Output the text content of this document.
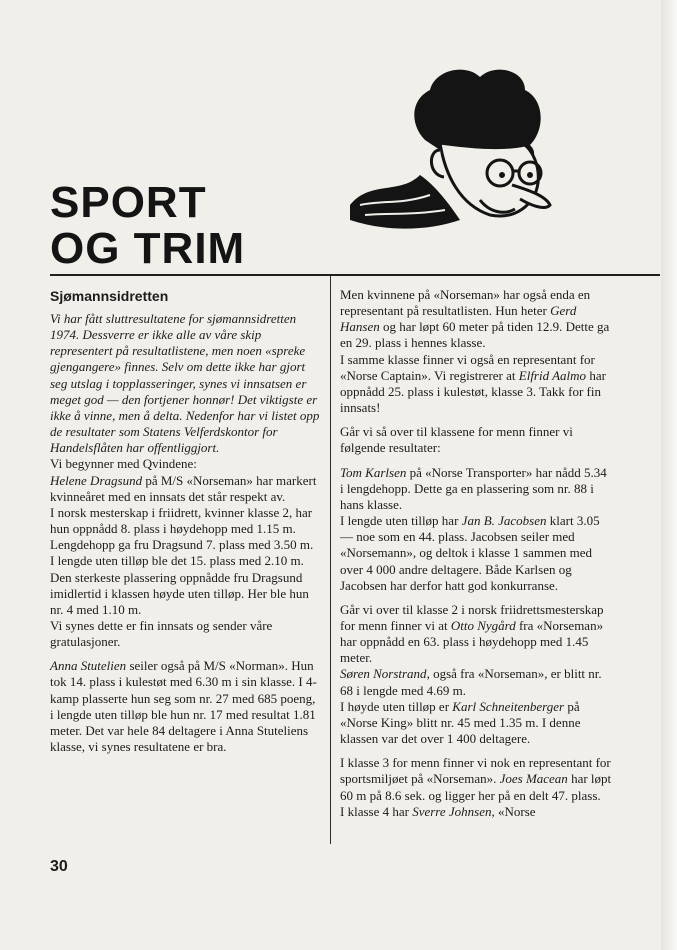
SPORT
OG TRIM

Sjømannsidretten

Vi har fått sluttresultatene for sjømannsidretten 1974. Dessverre er ikke alle av våre skip representert på resultatlistene, men noen «spreke gjengangere» finnes. Selv om dette ikke har gjort seg utslag i topplasseringer, synes vi innsatsen er meget god — den fortjener honnør! Det viktigste er ikke å vinne, men å delta. Nedenfor har vi listet opp de resultater som Statens Velferdskontor for Handelsflåten har offentliggjort.

Vi begynner med Qvindene:

Helene Dragsund på M/S «Norseman» har markert kvinneåret med en innsats det står respekt av.

I norsk mesterskap i friidrett, kvinner klasse 2, har hun oppnådd 8. plass i høydehopp med 1.15 m.

Lengdehopp ga fru Dragsund 7. plass med 3.50 m.

I lengde uten tilløp ble det 15. plass med 2.10 m.

Den sterkeste plassering oppnådde fru Dragsund imidlertid i klassen høyde uten tilløp. Her ble hun nr. 4 med 1.10 m.

Vi synes dette er fin innsats og sender våre gratulasjoner.

Anna Stutelien seiler også på M/S «Norman». Hun tok 14. plass i kulestøt med 6.30 m i sin klasse. I 4-kamp plasserte hun seg som nr. 27 med 685 poeng, i lengde uten tilløp ble hun nr. 17 med resultat 1.81 meter. Det var hele 84 deltagere i Anna Stuteliens klasse, vi synes resultatene er bra.

Men kvinnene på «Norseman» har også enda en representant på resultatlisten. Hun heter Gerd Hansen og har løpt 60 meter på tiden 12.9. Dette ga en 29. plass i hennes klasse.

I samme klasse finner vi også en representant for «Norse Captain». Vi registrerer at Elfrid Aalmo har oppnådd 25. plass i kulestøt, klasse 3. Takk for fin innsats!

Går vi så over til klassene for menn finner vi følgende resultater:

Tom Karlsen på «Norse Transporter» har nådd 5.34 i lengdehopp. Dette ga en plassering som nr. 88 i hans klasse.

I lengde uten tilløp har Jan B. Jacobsen klart 3.05 — noe som en 44. plass. Jacobsen seiler med «Norsemann», og deltok i klasse 1 sammen med over 4 000 andre deltagere. Både Karlsen og Jacobsen har derfor hatt god konkurranse.

Går vi over til klasse 2 i norsk friidrettsmesterskap for menn finner vi at Otto Nygård fra «Norseman» har oppnådd en 63. plass i høydehopp med 1.45 meter.

Søren Norstrand, også fra «Norseman», er blitt nr. 68 i lengde med 4.69 m.

I høyde uten tilløp er Karl Schneitenberger på «Norse King» blitt nr. 45 med 1.35 m. I denne klassen var det over 1 400 deltagere.

I klasse 3 for menn finner vi nok en representant for sportsmiljøet på «Norseman». Joes Macean har løpt 60 m på 8.6 sek. og ligger her på en delt 47. plass.

I klasse 4 har Sverre Johnsen, «Norse

30
